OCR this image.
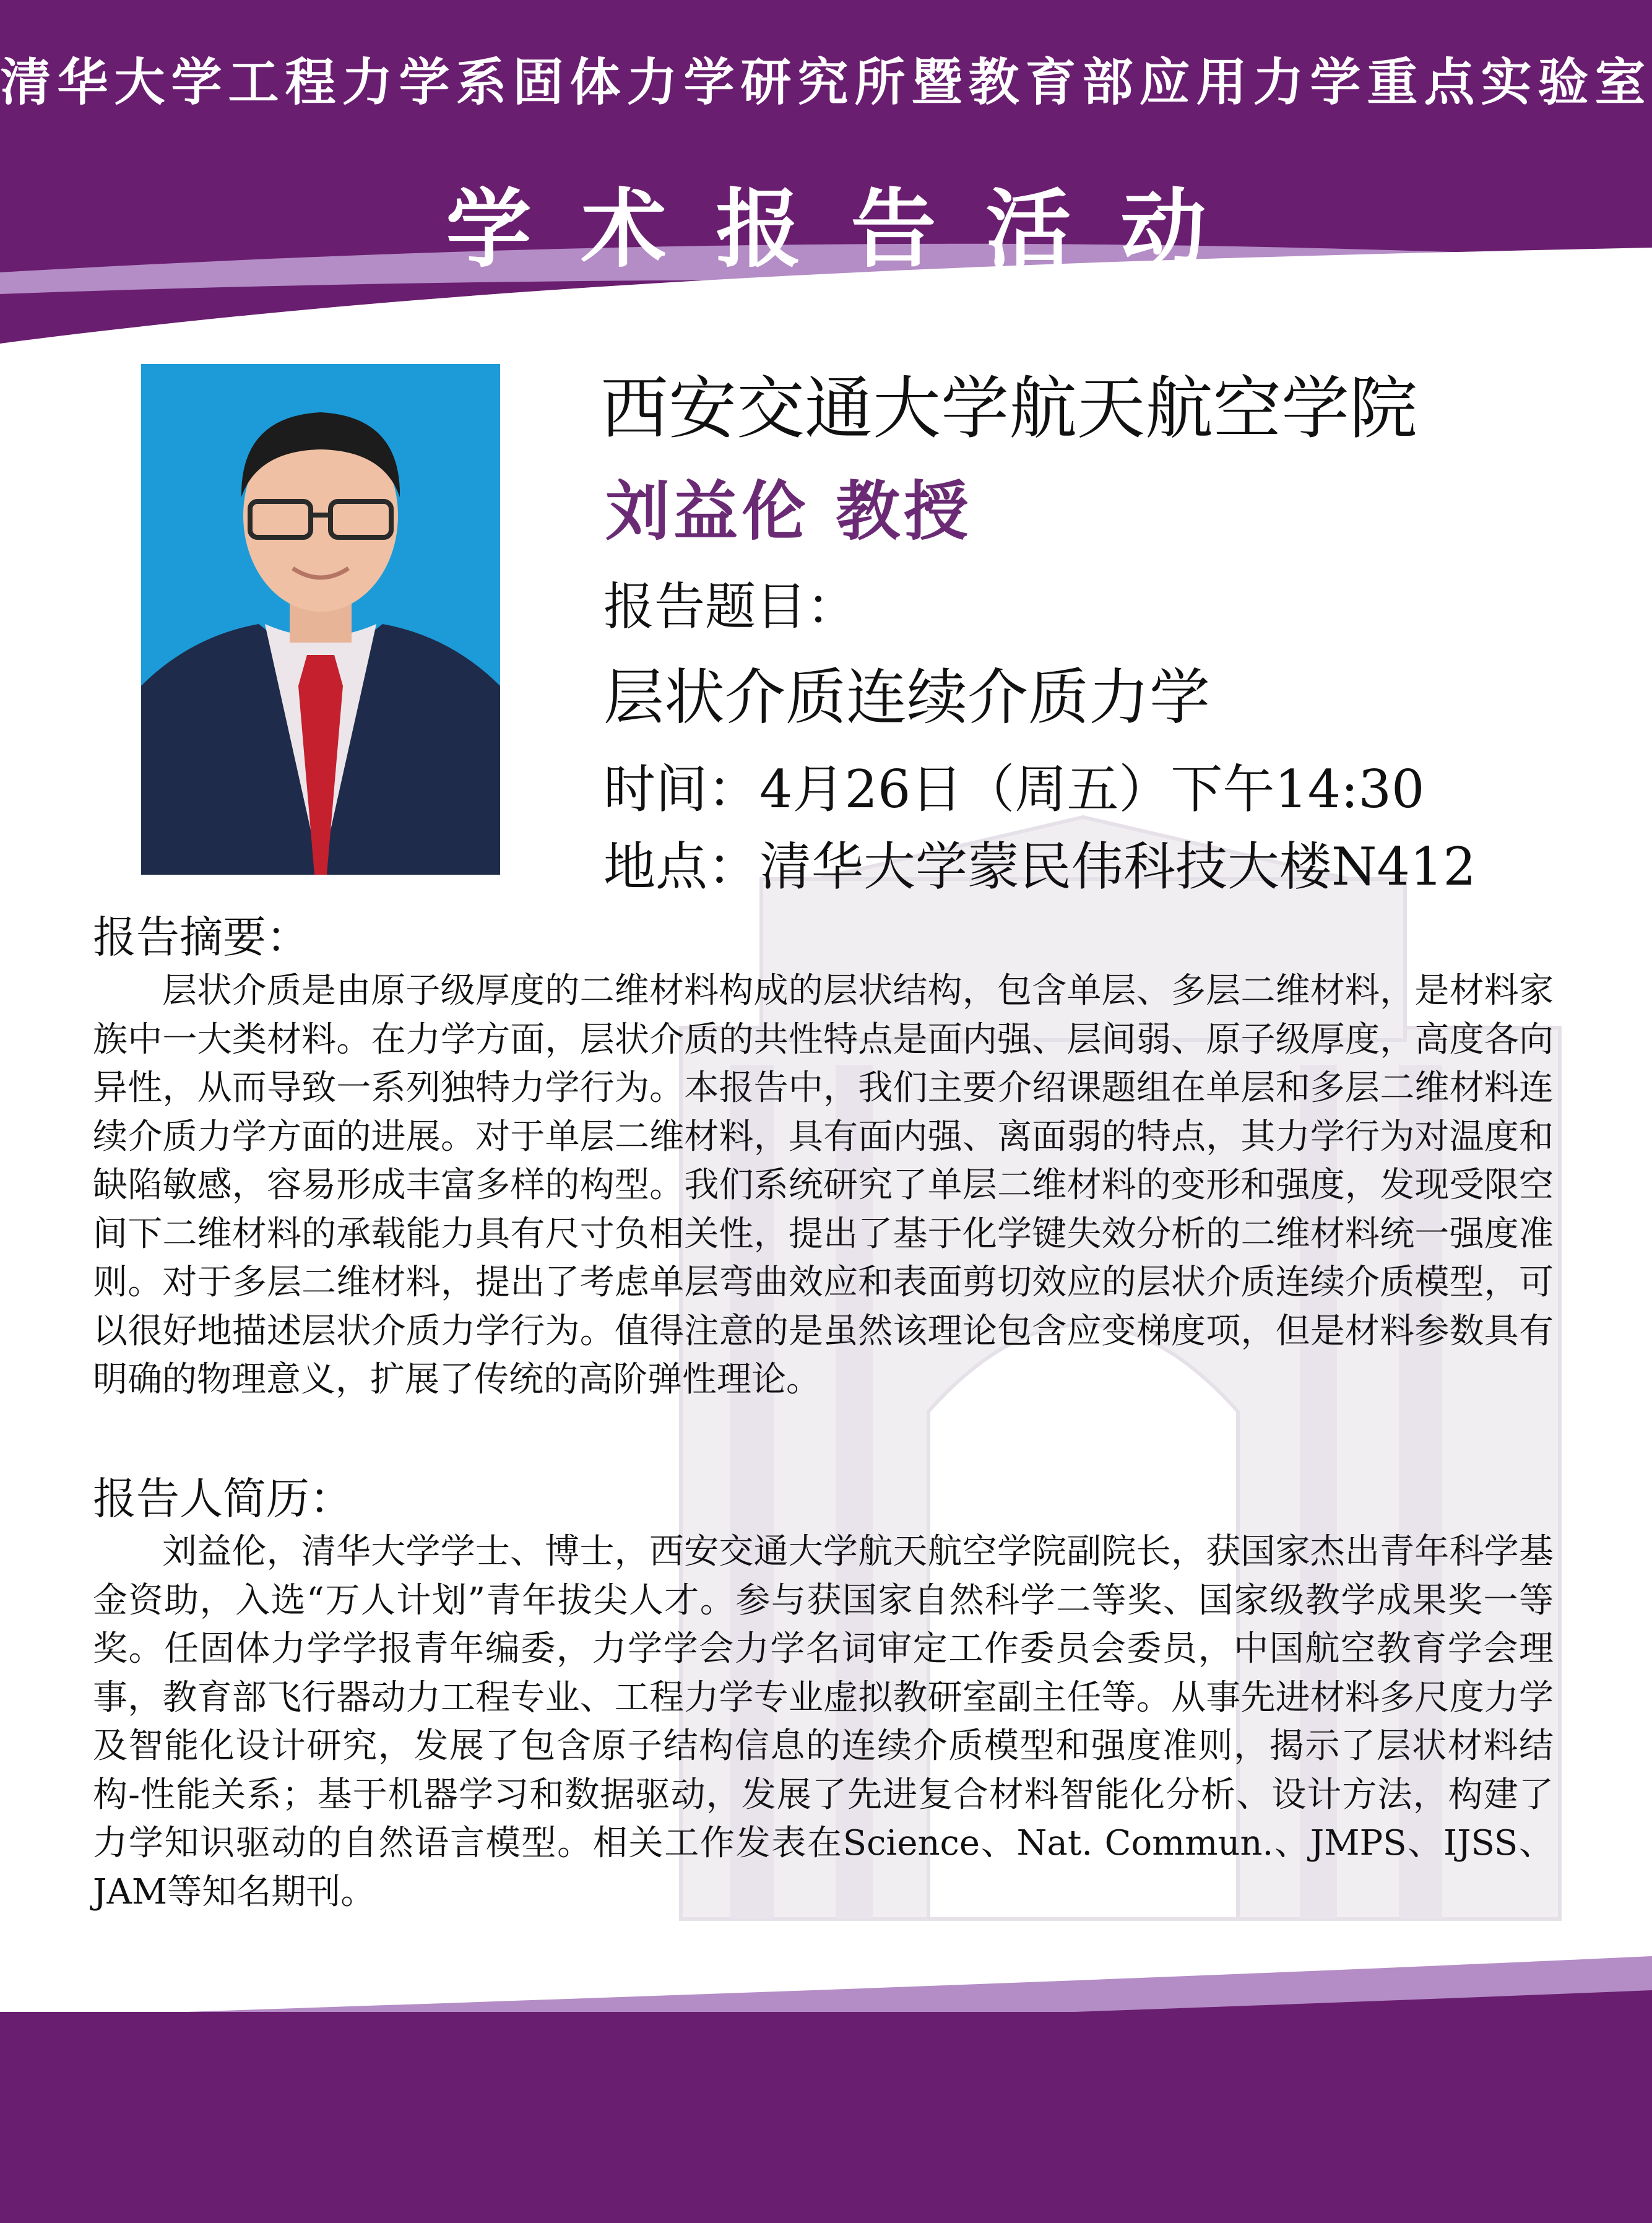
清华大学工程力学系固体力学研究所暨教育部应用力学重点实验室
学术报告活动
西安交通大学航天航空学院
刘益伦 教授
报告题目：
层状介质连续介质力学
时间：4月26日（周五）下午14:30
地点：清华大学蒙民伟科技大楼N412
报告摘要：
层状介质是由原子级厚度的二维材料构成的层状结构，包含单层、多层二维材料，是材料家族中一大类材料。在力学方面，层状介质的共性特点是面内强、层间弱、原子级厚度，高度各向异性，从而导致一系列独特力学行为。本报告中，我们主要介绍课题组在单层和多层二维材料连续介质力学方面的进展。对于单层二维材料，具有面内强、离面弱的特点，其力学行为对温度和缺陷敏感，容易形成丰富多样的构型。我们系统研究了单层二维材料的变形和强度，发现受限空间下二维材料的承载能力具有尺寸负相关性，提出了基于化学键失效分析的二维材料统一强度准则。对于多层二维材料，提出了考虑单层弯曲效应和表面剪切效应的层状介质连续介质模型，可以很好地描述层状介质力学行为。值得注意的是虽然该理论包含应变梯度项，但是材料参数具有明确的物理意义，扩展了传统的高阶弹性理论。
报告人简历：
刘益伦，清华大学学士、博士，西安交通大学航天航空学院副院长，获国家杰出青年科学基金资助，入选“万人计划”青年拔尖人才。参与获国家自然科学二等奖、国家级教学成果奖一等奖。任固体力学学报青年编委，力学学会力学名词审定工作委员会委员，中国航空教育学会理事，教育部飞行器动力工程专业、工程力学专业虚拟教研室副主任等。从事先进材料多尺度力学及智能化设计研究，发展了包含原子结构信息的连续介质模型和强度准则，揭示了层状材料结构-性能关系；基于机器学习和数据驱动，发展了先进复合材料智能化分析、设计方法，构建了力学知识驱动的自然语言模型。相关工作发表在Science、Nat. Commun.、JMPS、IJSS、JAM等知名期刊。
